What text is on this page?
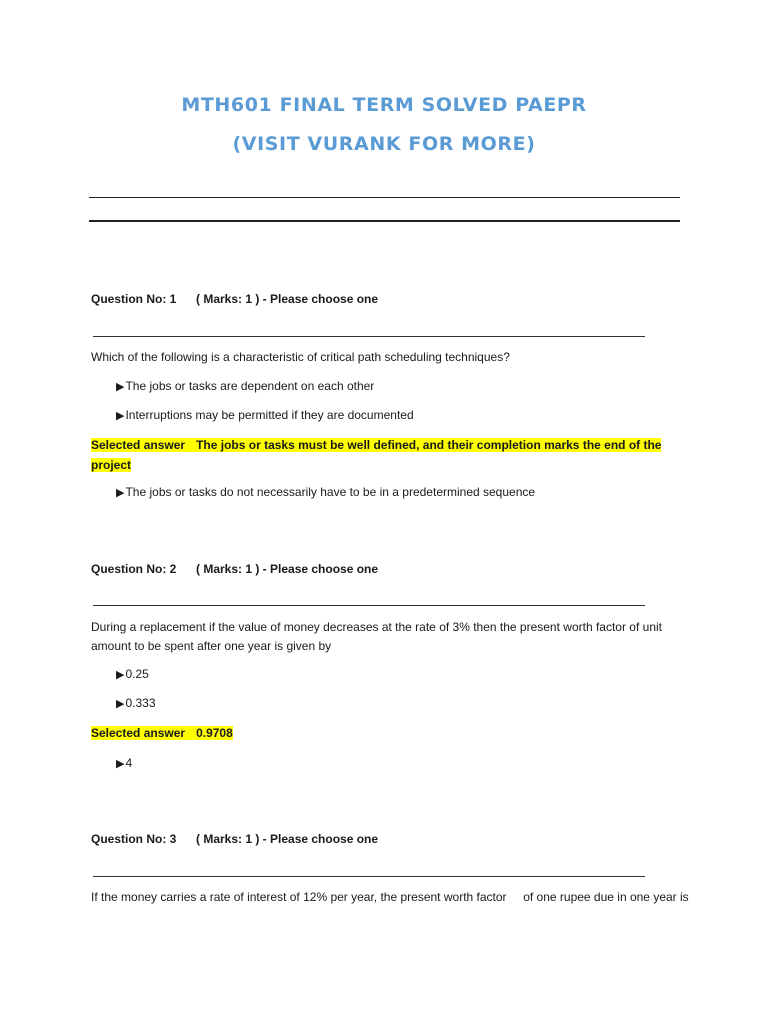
MTH601 FINAL TERM SOLVED PAEPR
(VISIT VURANK FOR MORE)
Question No: 1 ( Marks: 1 ) - Please choose one
Which of the following is a characteristic of critical path scheduling techniques?
▶The jobs or tasks are dependent on each other
▶Interruptions may be permitted if they are documented
Selected answer The jobs or tasks must be well defined, and their completion marks the end of the project
▶The jobs or tasks do not necessarily have to be in a predetermined sequence
Question No: 2 ( Marks: 1 ) - Please choose one
During a replacement if the value of money decreases at the rate of 3% then the present worth factor of unit amount to be spent after one year is given by
▶0.25
▶0.333
Selected answer 0.9708
▶4
Question No: 3 ( Marks: 1 ) - Please choose one
If the money carries a rate of interest of 12% per year, the present worth factor     of one rupee due in one year is
